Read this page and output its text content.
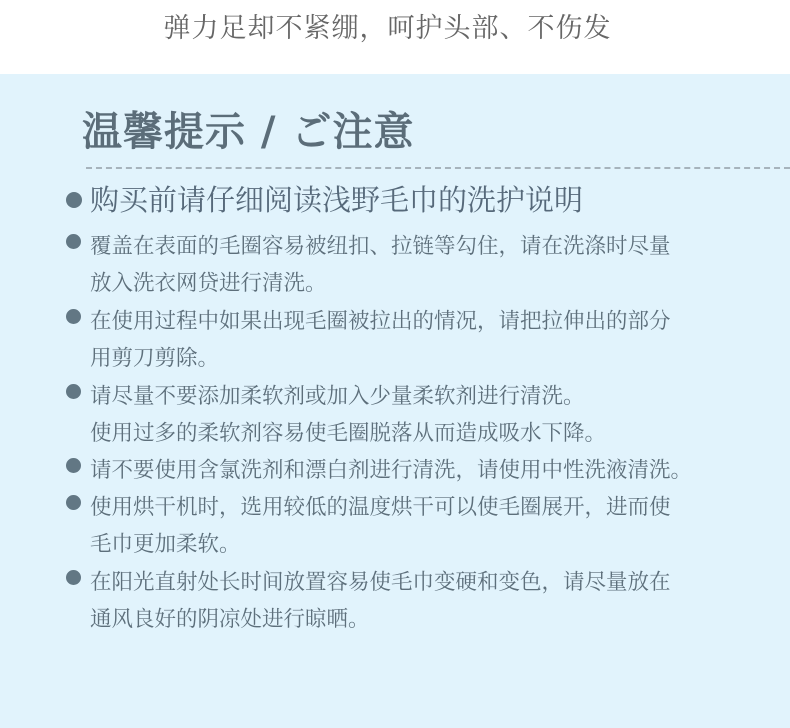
弹力足却不紧绷，呵护头部、不伤发
温馨提示 / ご注意
购买前请仔细阅读浅野毛巾的洗护说明
覆盖在表面的毛圈容易被纽扣、拉链等勾住，请在洗涤时尽量
放入洗衣网贷进行清洗。
在使用过程中如果出现毛圈被拉出的情况，请把拉伸出的部分
用剪刀剪除。
请尽量不要添加柔软剂或加入少量柔软剂进行清洗。
使用过多的柔软剂容易使毛圈脱落从而造成吸水下降。
请不要使用含氯洗剂和漂白剂进行清洗，请使用中性洗液清洗。
使用烘干机时，选用较低的温度烘干可以使毛圈展开，进而使
毛巾更加柔软。
在阳光直射处长时间放置容易使毛巾变硬和变色，请尽量放在
通风良好的阴凉处进行晾晒。
